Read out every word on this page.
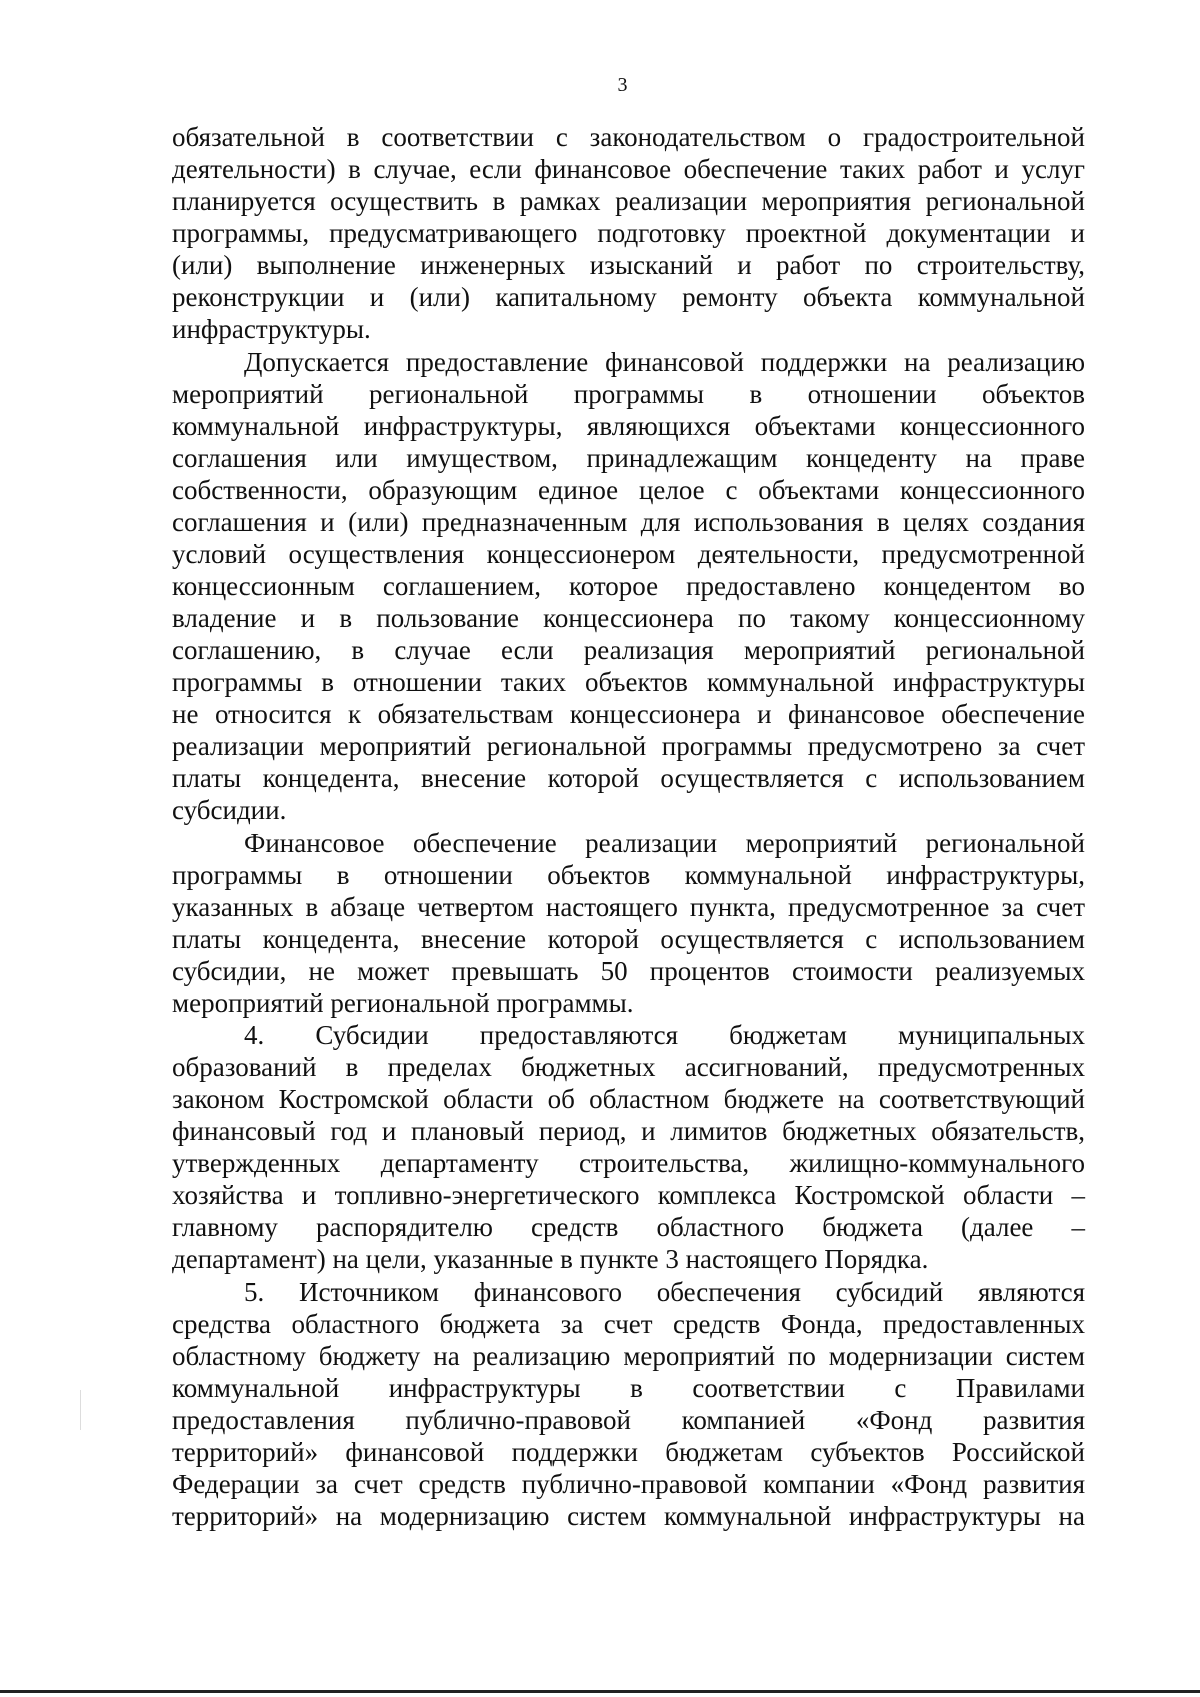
3
обязательной в соответствии с законодательством о градостроительной
деятельности) в случае, если финансовое обеспечение таких работ и услуг
планируется осуществить в рамках реализации мероприятия региональной
программы, предусматривающего подготовку проектной документации и
(или) выполнение инженерных изысканий и работ по строительству,
реконструкции и (или) капитальному ремонту объекта коммунальной
инфраструктуры.
Допускается предоставление финансовой поддержки на реализацию
мероприятий региональной программы в отношении объектов
коммунальной инфраструктуры, являющихся объектами концессионного
соглашения или имуществом, принадлежащим концеденту на праве
собственности, образующим единое целое с объектами концессионного
соглашения и (или) предназначенным для использования в целях создания
условий осуществления концессионером деятельности, предусмотренной
концессионным соглашением, которое предоставлено концедентом во
владение и в пользование концессионера по такому концессионному
соглашению, в случае если реализация мероприятий региональной
программы в отношении таких объектов коммунальной инфраструктуры
не относится к обязательствам концессионера и финансовое обеспечение
реализации мероприятий региональной программы предусмотрено за счет
платы концедента, внесение которой осуществляется с использованием
субсидии.
Финансовое обеспечение реализации мероприятий региональной
программы в отношении объектов коммунальной инфраструктуры,
указанных в абзаце четвертом настоящего пункта, предусмотренное за счет
платы концедента, внесение которой осуществляется с использованием
субсидии, не может превышать 50 процентов стоимости реализуемых
мероприятий региональной программы.
4. Субсидии предоставляются бюджетам муниципальных
образований в пределах бюджетных ассигнований, предусмотренных
законом Костромской области об областном бюджете на соответствующий
финансовый год и плановый период, и лимитов бюджетных обязательств,
утвержденных департаменту строительства, жилищно-коммунального
хозяйства и топливно-энергетического комплекса Костромской области –
главному распорядителю средств областного бюджета (далее –
департамент) на цели, указанные в пункте 3 настоящего Порядка.
5. Источником финансового обеспечения субсидий являются
средства областного бюджета за счет средств Фонда, предоставленных
областному бюджету на реализацию мероприятий по модернизации систем
коммунальной инфраструктуры в соответствии с Правилами
предоставления публично-правовой компанией «Фонд развития
территорий» финансовой поддержки бюджетам субъектов Российской
Федерации за счет средств публично-правовой компании «Фонд развития
территорий» на модернизацию систем коммунальной инфраструктуры на
